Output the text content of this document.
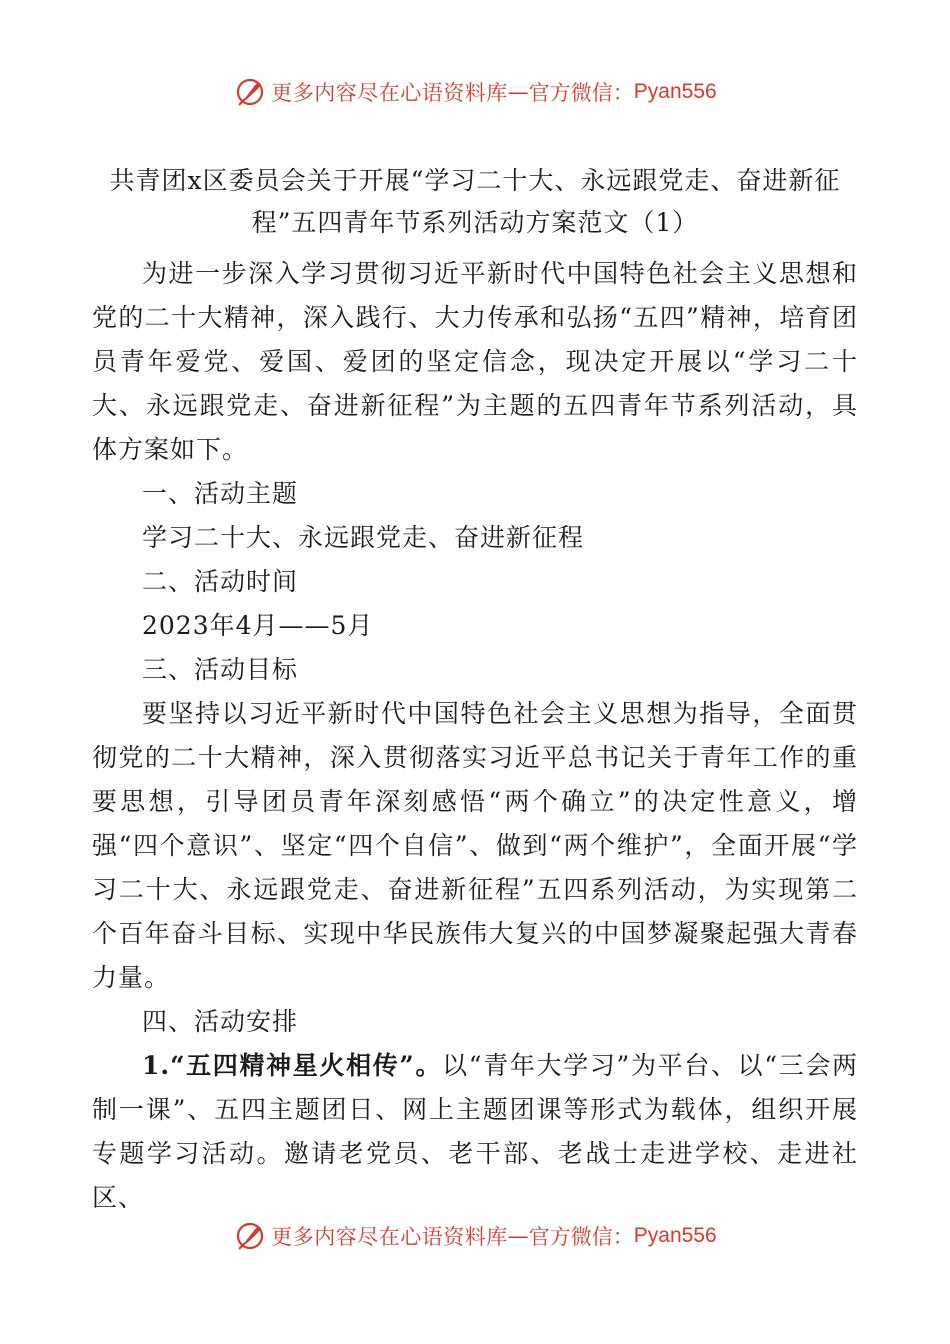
更多内容尽在心语资料库 — 官方微信： Pyan556
共青团x区委员会关于开展“学习二十大、永远跟党走、奋进新征程”五四青年节系列活动方案范文（1）

为进一步深入学习贯彻习近平新时代中国特色社会主义思想和党的二十大精神，深入践行、大力传承和弘扬“五四”精神，培育团员青年爱党、爱国、爱团的坚定信念，现决定开展以“学习二十大、永远跟党走、奋进新征程”为主题的五四青年节系列活动，具体方案如下。

一、活动主题

学习二十大、永远跟党走、奋进新征程

二、活动时间

2023年4月——5月

三、活动目标

要坚持以习近平新时代中国特色社会主义思想为指导，全面贯彻党的二十大精神，深入贯彻落实习近平总书记关于青年工作的重要思想，引导团员青年深刻感悟“两个确立”的决定性意义，增强“四个意识”、坚定“四个自信”、做到“两个维护”，全面开展“学习二十大、永远跟党走、奋进新征程”五四系列活动，为实现第二个百年奋斗目标、实现中华民族伟大复兴的中国梦凝聚起强大青春力量。

四、活动安排

1.“五四精神星火相传”。以“青年大学习”为平台、以“三会两制一课”、五四主题团日、网上主题团课等形式为载体，组织开展专题学习活动。邀请老党员、老干部、老战士走进学校、走进社区、

更多内容尽在心语资料库 — 官方微信： Pyan556
